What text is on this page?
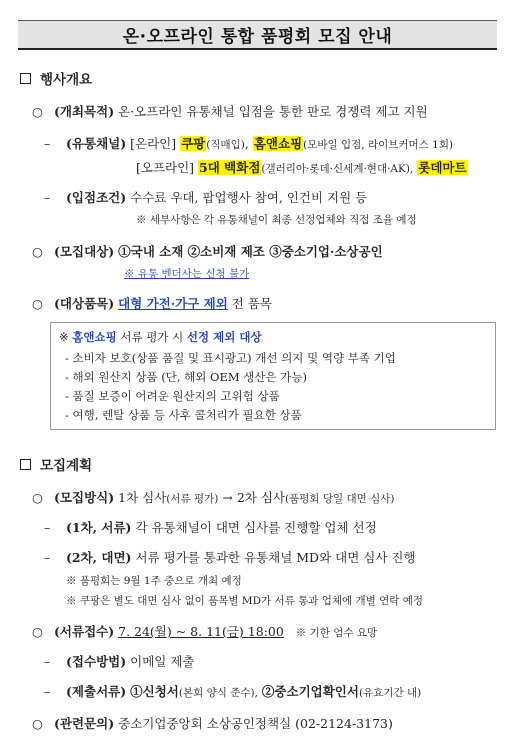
온·오프라인 통합 품평회 모집 안내
행사개요
○ (개최목적) 온·오프라인 유통채널 입점을 통한 판로 경쟁력 제고 지원
– (유통채널) [온라인] 쿠팡(직매입), 홈앤쇼핑(모바일 입점, 라이브커머스 1회)
[오프라인] 5대 백화점(갤러리아·롯데·신세계·현대·AK), 롯데마트
– (입점조건) 수수료 우대, 팝업행사 참여, 인건비 지원 등
※ 세부사항은 각 유통채널이 최종 선정업체와 직접 조율 예정
○ (모집대상) ①국내 소재 ②소비재 제조 ③중소기업·소상공인
※ 유통 벤더사는 신청 불가
○ (대상품목) 대형 가전·가구 제외 전 품목
※ 홈앤쇼핑 서류 평가 시 선정 제외 대상
- 소비자 보호(상품 품질 및 표시광고) 개선 의지 및 역량 부족 기업
- 해외 원산지 상품 (단, 해외 OEM 생산은 가능)
- 품질 보증이 어려운 원산지의 고위험 상품
- 여행, 렌탈 상품 등 사후 콜처리가 필요한 상품
모집계획
○ (모집방식) 1차 심사(서류 평가) → 2차 심사(품평회 당일 대면 심사)
– (1차, 서류) 각 유통채널이 대면 심사를 진행할 업체 선정
– (2차, 대면) 서류 평가를 통과한 유통채널 MD와 대면 심사 진행
※ 품평회는 9월 1주 중으로 개최 예정
※ 쿠팡은 별도 대면 심사 없이 품목별 MD가 서류 통과 업체에 개별 연락 예정
○ (서류접수) 7. 24(월) ~ 8. 11(금) 18:00 ※ 기한 엄수 요망
– (접수방법) 이메일 제출
– (제출서류) ①신청서(본회 양식 준수), ②중소기업확인서(유효기간 내)
○ (관련문의) 중소기업중앙회 소상공인정책실 (02-2124-3173)
